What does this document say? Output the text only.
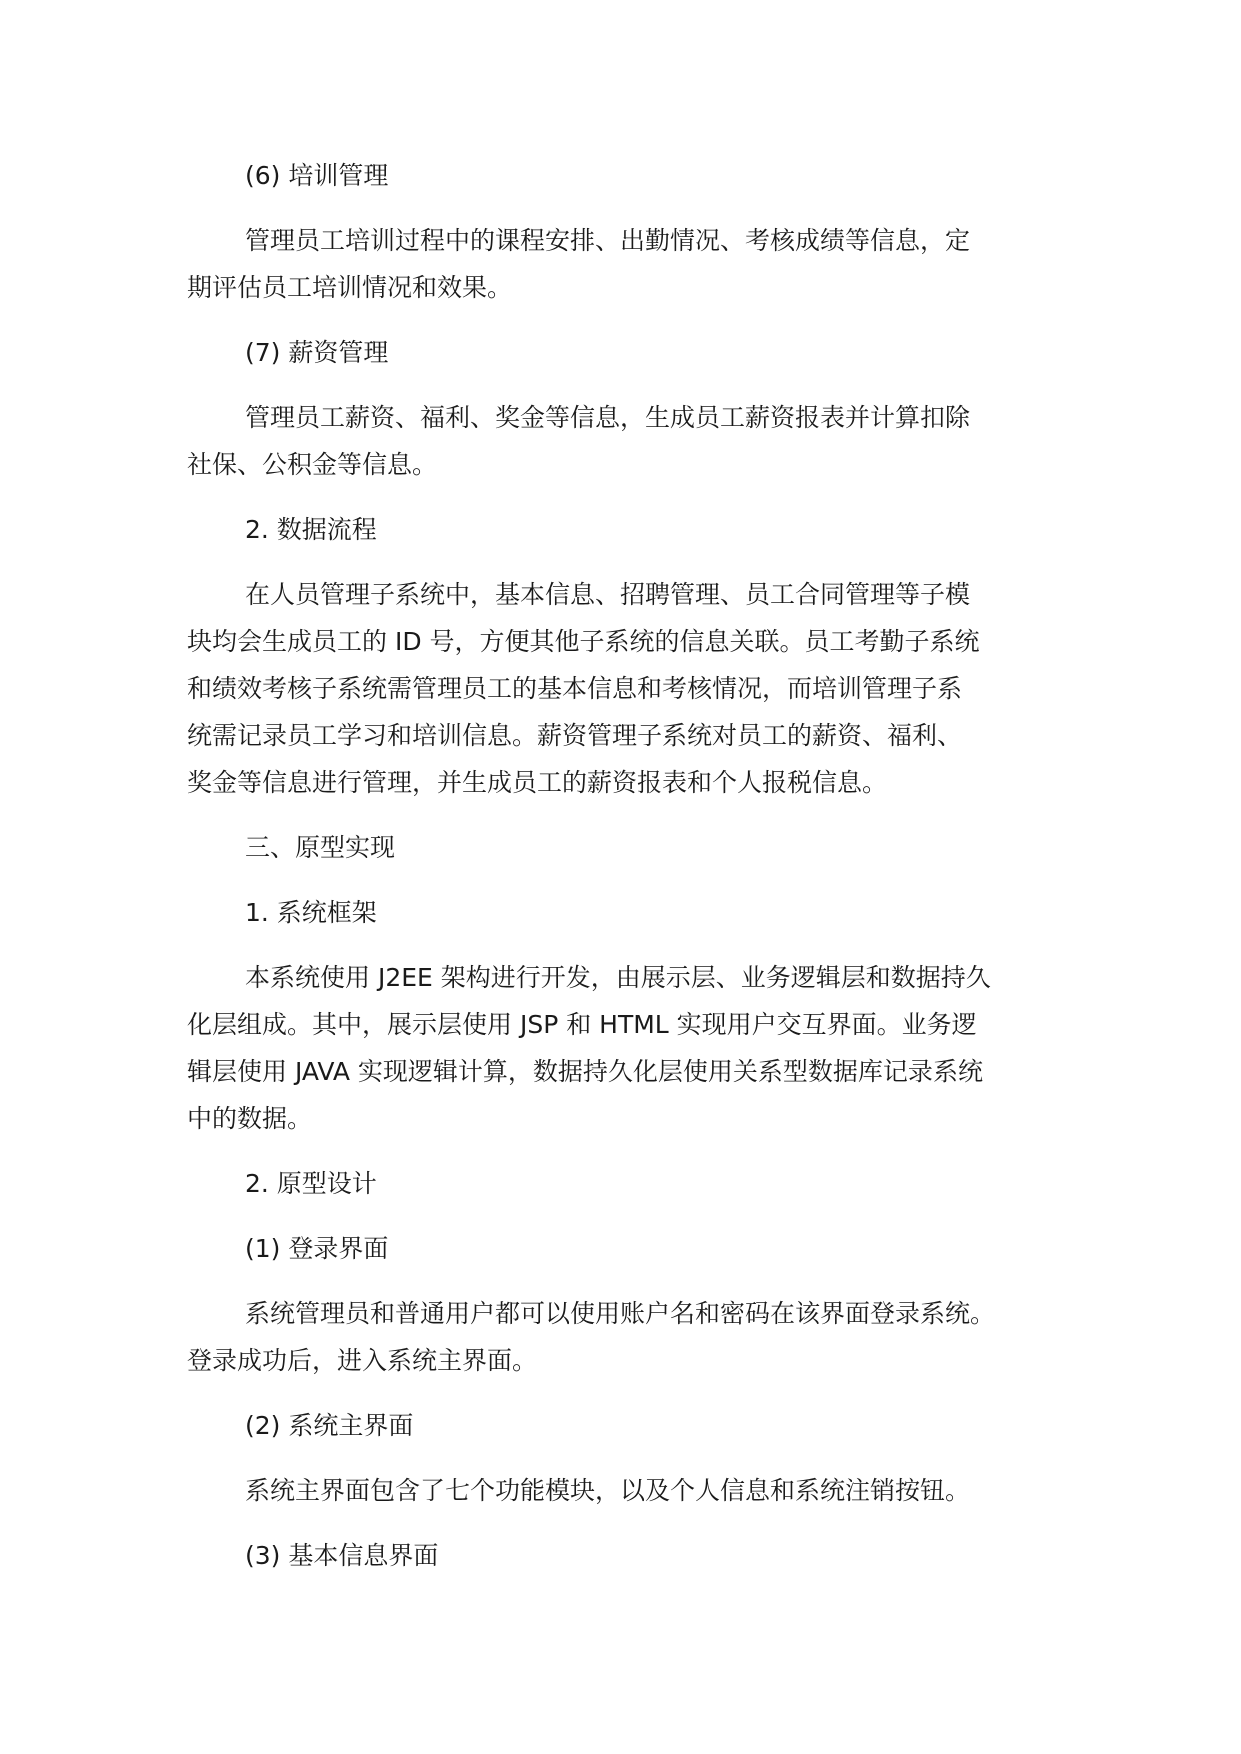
(6) 培训管理
管理员工培训过程中的课程安排、出勤情况、考核成绩等信息，定
期评估员工培训情况和效果。
(7) 薪资管理
管理员工薪资、福利、奖金等信息，生成员工薪资报表并计算扣除
社保、公积金等信息。
2. 数据流程
在人员管理子系统中，基本信息、招聘管理、员工合同管理等子模
块均会生成员工的 ID 号，方便其他子系统的信息关联。员工考勤子系统
和绩效考核子系统需管理员工的基本信息和考核情况，而培训管理子系
统需记录员工学习和培训信息。薪资管理子系统对员工的薪资、福利、
奖金等信息进行管理，并生成员工的薪资报表和个人报税信息。
三、原型实现
1. 系统框架
本系统使用 J2EE 架构进行开发，由展示层、业务逻辑层和数据持久
化层组成。其中，展示层使用 JSP 和 HTML 实现用户交互界面。业务逻
辑层使用 JAVA 实现逻辑计算，数据持久化层使用关系型数据库记录系统
中的数据。
2. 原型设计
(1) 登录界面
系统管理员和普通用户都可以使用账户名和密码在该界面登录系统。
登录成功后，进入系统主界面。
(2) 系统主界面
系统主界面包含了七个功能模块，以及个人信息和系统注销按钮。
(3) 基本信息界面
